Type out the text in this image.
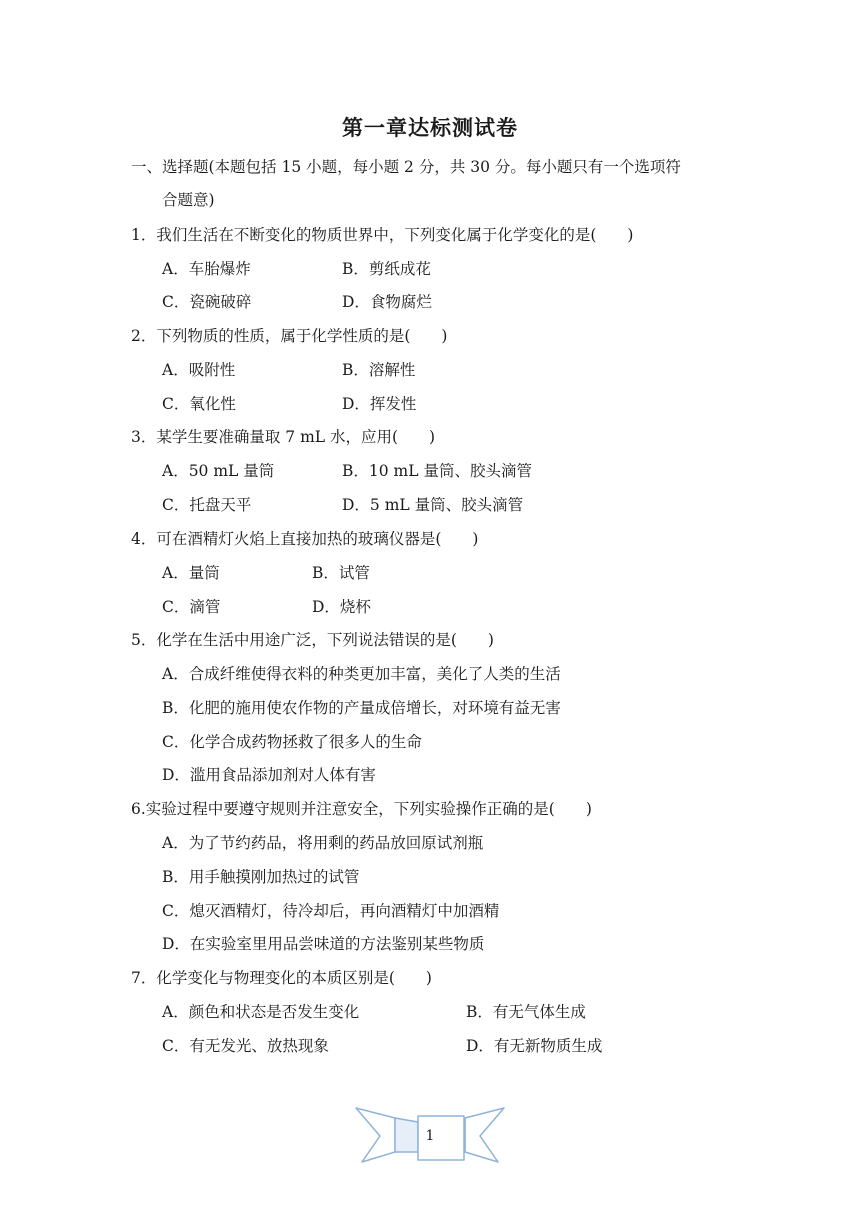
第一章达标测试卷
一、选择题(本题包括 15 小题，每小题 2 分，共 30 分。每小题只有一个选项符
合题意)
1．我们生活在不断变化的物质世界中，下列变化属于化学变化的是(　　)
A．车胎爆炸	B．剪纸成花
C．瓷碗破碎	D．食物腐烂
2．下列物质的性质，属于化学性质的是(　　)
A．吸附性	B．溶解性
C．氧化性	D．挥发性
3．某学生要准确量取 7 mL 水，应用(　　)
A．50 mL 量筒	B．10 mL 量筒、胶头滴管
C．托盘天平	D．5 mL 量筒、胶头滴管
4．可在酒精灯火焰上直接加热的玻璃仪器是(　　)
A．量筒	B．试管
C．滴管	D．烧杯
5．化学在生活中用途广泛，下列说法错误的是(　　)
A．合成纤维使得衣料的种类更加丰富，美化了人类的生活
B．化肥的施用使农作物的产量成倍增长，对环境有益无害
C．化学合成药物拯救了很多人的生命
D．滥用食品添加剂对人体有害
6.实验过程中要遵守规则并注意安全，下列实验操作正确的是(　　)
A．为了节约药品，将用剩的药品放回原试剂瓶
B．用手触摸刚加热过的试管
C．熄灭酒精灯，待冷却后，再向酒精灯中加酒精
D．在实验室里用品尝味道的方法鉴别某些物质
7．化学变化与物理变化的本质区别是(　　)
A．颜色和状态是否发生变化	B．有无气体生成
C．有无发光、放热现象	D．有无新物质生成
1
